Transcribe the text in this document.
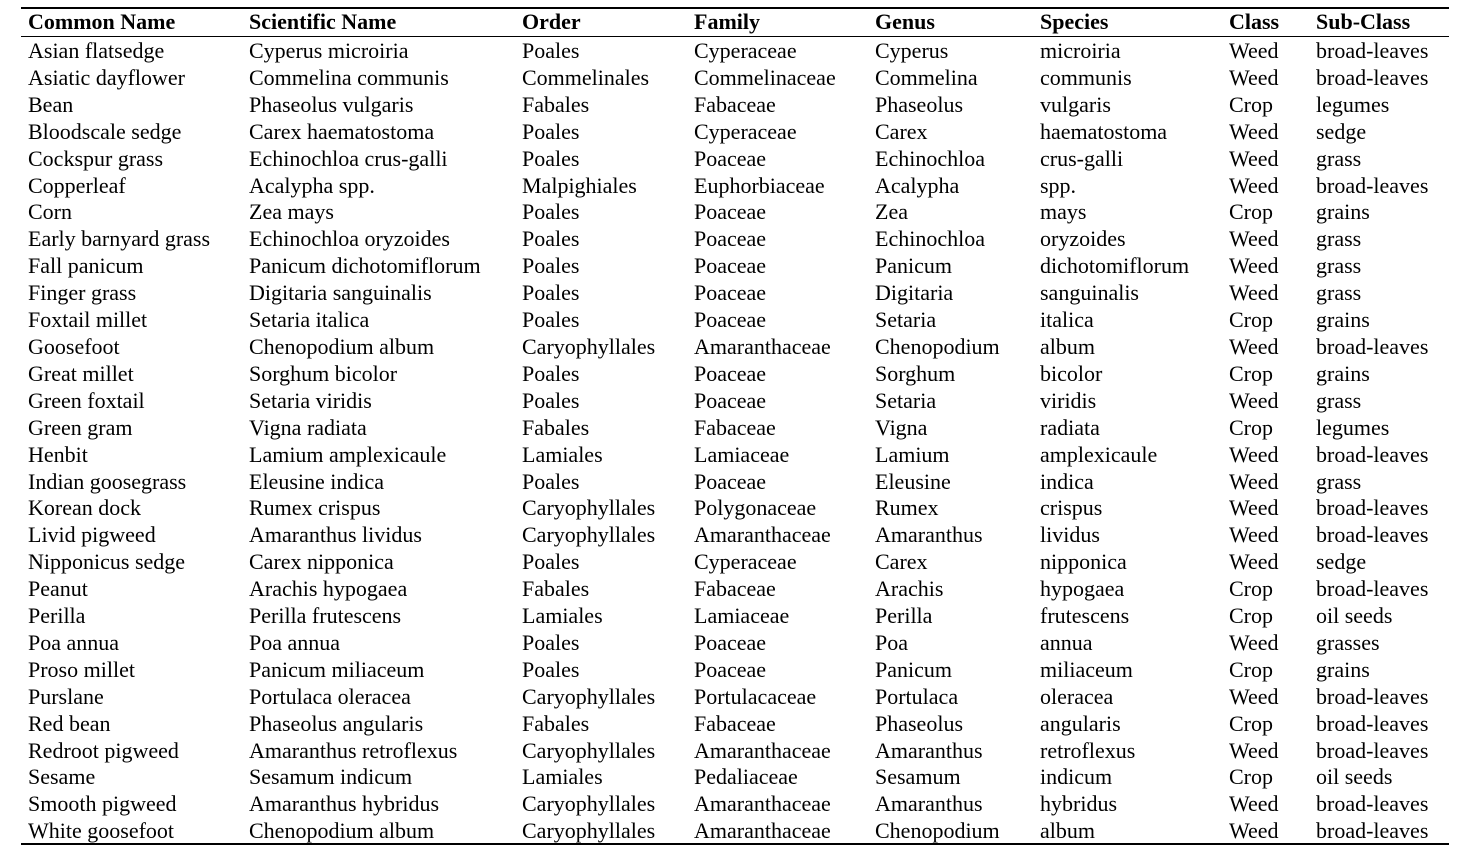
Common Name	Scientific Name	Order	Family	Genus	Species	Class	Sub-Class
Asian flatsedge	Cyperus microiria	Poales	Cyperaceae	Cyperus	microiria	Weed	broad-leaves
Asiatic dayflower	Commelina communis	Commelinales	Commelinaceae	Commelina	communis	Weed	broad-leaves
Bean	Phaseolus vulgaris	Fabales	Fabaceae	Phaseolus	vulgaris	Crop	legumes
Bloodscale sedge	Carex haematostoma	Poales	Cyperaceae	Carex	haematostoma	Weed	sedge
Cockspur grass	Echinochloa crus-galli	Poales	Poaceae	Echinochloa	crus-galli	Weed	grass
Copperleaf	Acalypha spp.	Malpighiales	Euphorbiaceae	Acalypha	spp.	Weed	broad-leaves
Corn	Zea mays	Poales	Poaceae	Zea	mays	Crop	grains
Early barnyard grass	Echinochloa oryzoides	Poales	Poaceae	Echinochloa	oryzoides	Weed	grass
Fall panicum	Panicum dichotomiflorum	Poales	Poaceae	Panicum	dichotomiflorum	Weed	grass
Finger grass	Digitaria sanguinalis	Poales	Poaceae	Digitaria	sanguinalis	Weed	grass
Foxtail millet	Setaria italica	Poales	Poaceae	Setaria	italica	Crop	grains
Goosefoot	Chenopodium album	Caryophyllales	Amaranthaceae	Chenopodium	album	Weed	broad-leaves
Great millet	Sorghum bicolor	Poales	Poaceae	Sorghum	bicolor	Crop	grains
Green foxtail	Setaria viridis	Poales	Poaceae	Setaria	viridis	Weed	grass
Green gram	Vigna radiata	Fabales	Fabaceae	Vigna	radiata	Crop	legumes
Henbit	Lamium amplexicaule	Lamiales	Lamiaceae	Lamium	amplexicaule	Weed	broad-leaves
Indian goosegrass	Eleusine indica	Poales	Poaceae	Eleusine	indica	Weed	grass
Korean dock	Rumex crispus	Caryophyllales	Polygonaceae	Rumex	crispus	Weed	broad-leaves
Livid pigweed	Amaranthus lividus	Caryophyllales	Amaranthaceae	Amaranthus	lividus	Weed	broad-leaves
Nipponicus sedge	Carex nipponica	Poales	Cyperaceae	Carex	nipponica	Weed	sedge
Peanut	Arachis hypogaea	Fabales	Fabaceae	Arachis	hypogaea	Crop	broad-leaves
Perilla	Perilla frutescens	Lamiales	Lamiaceae	Perilla	frutescens	Crop	oil seeds
Poa annua	Poa annua	Poales	Poaceae	Poa	annua	Weed	grasses
Proso millet	Panicum miliaceum	Poales	Poaceae	Panicum	miliaceum	Crop	grains
Purslane	Portulaca oleracea	Caryophyllales	Portulacaceae	Portulaca	oleracea	Weed	broad-leaves
Red bean	Phaseolus angularis	Fabales	Fabaceae	Phaseolus	angularis	Crop	broad-leaves
Redroot pigweed	Amaranthus retroflexus	Caryophyllales	Amaranthaceae	Amaranthus	retroflexus	Weed	broad-leaves
Sesame	Sesamum indicum	Lamiales	Pedaliaceae	Sesamum	indicum	Crop	oil seeds
Smooth pigweed	Amaranthus hybridus	Caryophyllales	Amaranthaceae	Amaranthus	hybridus	Weed	broad-leaves
White goosefoot	Chenopodium album	Caryophyllales	Amaranthaceae	Chenopodium	album	Weed	broad-leaves
